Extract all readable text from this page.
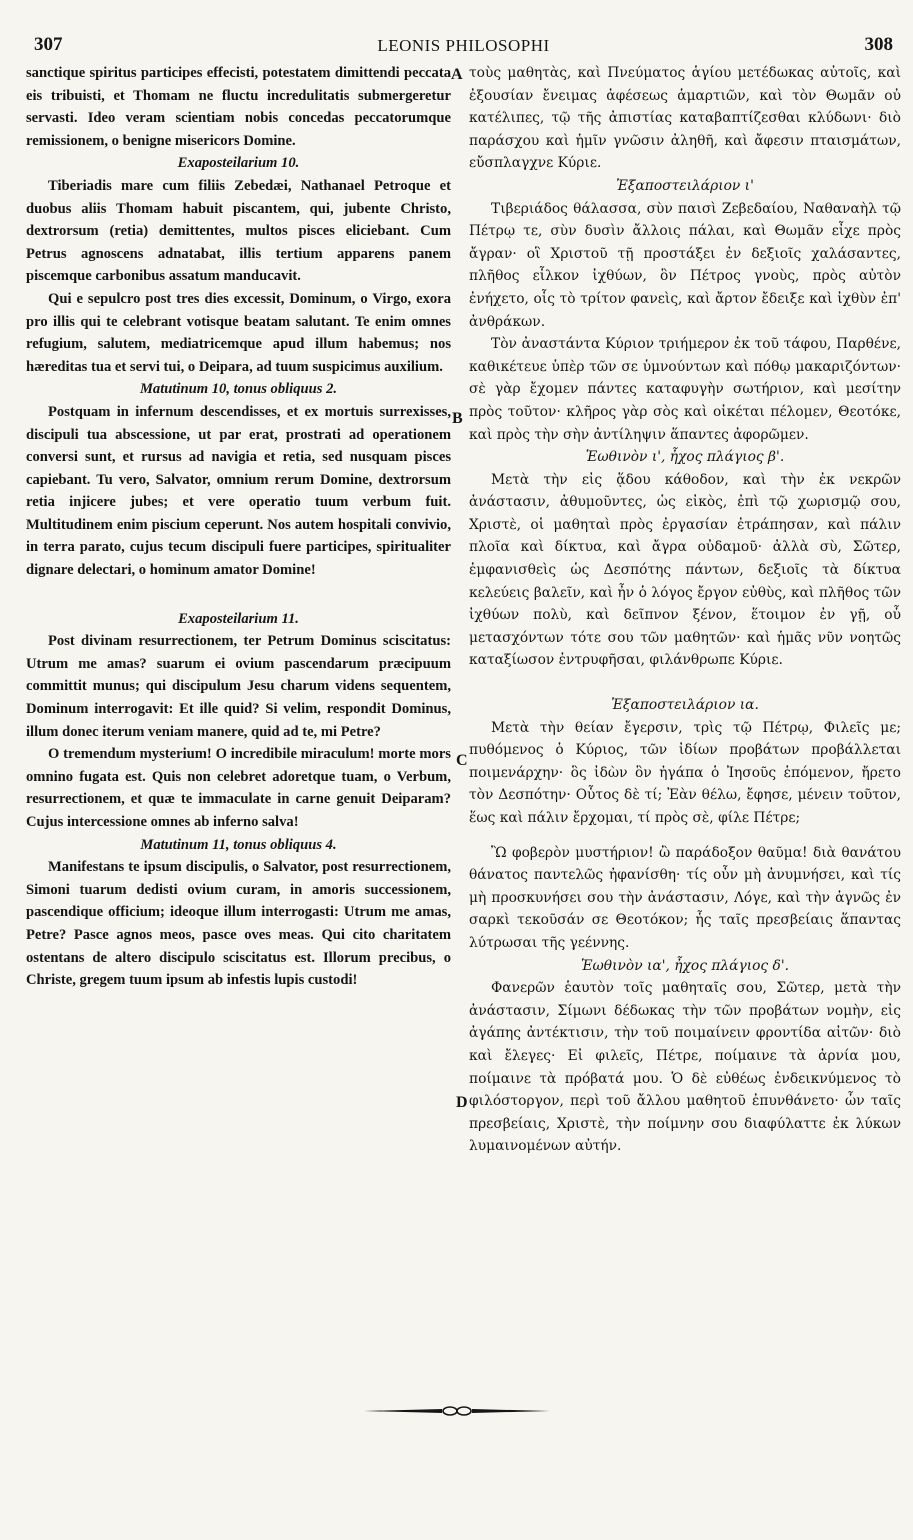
307	LEONIS PHILOSOPHI	308

sanctique spiritus participes effecisti, potestatem dimittendi peccata eis tribuisti, et Thomam ne fluctu incredulitatis submergeretur servasti. Ideo veram scientiam nobis concedas peccatorumque remissionem, o benigne misericors Domine.

Exaposteilarium 10.

Tiberiadis mare cum filiis Zebedæi, Nathanael Petroque et duobus aliis Thomam habuit piscantem, qui, jubente Christo, dextrorsum (retia) demittentes, multos pisces eliciebant. Cum Petrus agnoscens adnatabat, illis tertium apparens panem piscemque carbonibus assatum manducavit.

Qui e sepulcro post tres dies excessit, Dominum, o Virgo, exora pro illis qui te celebrant votisque beatam salutant. Te enim omnes refugium, salutem, mediatricemque apud illum habemus; nos hæreditas tua et servi tui, o Deipara, ad tuum suspicimus auxilium.

Matutinum 10, tonus obliquus 2.

Postquam in infernum descendisses, et ex mortuis surrexisses, discipuli tua abscessione, ut par erat, prostrati ad operationem conversi sunt, et rursus ad navigia et retia, sed nusquam pisces capiebant. Tu vero, Salvator, omnium rerum Domine, dextrorsum retia injicere jubes; et vere operatio tuum verbum fuit. Multitudinem enim piscium ceperunt. Nos autem hospitali convivio, in terra parato, cujus tecum discipuli fuere participes, spiritualiter dignare delectari, o hominum amator Domine!

Exaposteilarium 11.

Post divinam resurrectionem, ter Petrum Dominus sciscitatus: Utrum me amas? suarum ei ovium pascendarum præcipuum committit munus; qui discipulum Jesu charum videns sequentem, Dominum interrogavit: Et ille quid? Si velim, respondit Dominus, illum donec iterum veniam manere, quid ad te, mi Petre?

O tremendum mysterium! O incredibile miraculum! morte mors omnino fugata est. Quis non celebret adoretque tuam, o Verbum, resurrectionem, et quæ te immaculate in carne genuit Deiparam? Cujus intercessione omnes ab inferno salva!

Matutinum 11, tonus obliquus 4.

Manifestans te ipsum discipulis, o Salvator, post resurrectionem, Simoni tuarum dedisti ovium curam, in amoris successionem, pascendique officium; ideoque illum interrogasti: Utrum me amas, Petre? Pasce agnos meos, pasce oves meas. Qui cito charitatem ostentans de altero discipulo sciscitatus est. Illorum precibus, o Christe, gregem tuum ipsum ab infestis lupis custodi!

τοὺς μαθητὰς, καὶ Πνεύματος ἁγίου μετέδωκας αὐτοῖς, καὶ ἐξουσίαν ἔνειμας ἀφέσεως ἁμαρτιῶν, καὶ τὸν Θωμᾶν οὐ κατέλιπες, τῷ τῆς ἀπιστίας καταβαπτίζεσθαι κλύδωνι· διὸ παράσχου καὶ ἡμῖν γνῶσιν ἀληθῆ, καὶ ἄφεσιν πταισμάτων, εὔσπλαγχνε Κύριε.

Ἐξαποστειλάριον ι'

Τιβεριάδος θάλασσα, σὺν παισὶ Ζεβεδαίου, Ναθαναὴλ τῷ Πέτρῳ τε, σὺν δυσὶν ἄλλοις πάλαι, καὶ Θωμᾶν εἶχε πρὸς ἄγραν· οἳ Χριστοῦ τῇ προστάξει ἐν δεξιοῖς χαλάσαντες, πλῆθος εἷλκον ἰχθύων, ὃν Πέτρος γνοὺς, πρὸς αὐτὸν ἐνήχετο, οἷς τὸ τρίτον φανεὶς, καὶ ἄρτον ἔδειξε καὶ ἰχθὺν ἐπ' ἀνθράκων.

Τὸν ἀναστάντα Κύριον τριήμερον ἐκ τοῦ τάφου, Παρθένε, καθικέτευε ὑπὲρ τῶν σε ὑμνούντων καὶ πόθῳ μακαριζόντων· σὲ γὰρ ἔχομεν πάντες καταφυγὴν σωτήριον, καὶ μεσίτην πρὸς τοῦτον· κλῆρος γὰρ σὸς καὶ οἰκέται πέλομεν, Θεοτόκε, καὶ πρὸς τὴν σὴν ἀντίληψιν ἅπαντες ἀφορῶμεν.

Ἑωθινὸν ι', ἦχος πλάγιος β'.

Μετὰ τὴν εἰς ᾅδου κάθοδον, καὶ τὴν ἐκ νεκρῶν ἀνάστασιν, ἀθυμοῦντες, ὡς εἰκὸς, ἐπὶ τῷ χωρισμῷ σου, Χριστὲ, οἱ μαθηταὶ πρὸς ἐργασίαν ἐτράπησαν, καὶ πάλιν πλοῖα καὶ δίκτυα, καὶ ἄγρα οὐδαμοῦ· ἀλλὰ σὺ, Σῶτερ, ἐμφανισθεὶς ὡς Δεσπότης πάντων, δεξιοῖς τὰ δίκτυα κελεύεις βαλεῖν, καὶ ἦν ὁ λόγος ἔργον εὐθὺς, καὶ πλῆθος τῶν ἰχθύων πολὺ, καὶ δεῖπνον ξένον, ἕτοιμον ἐν γῇ, οὗ μετασχόντων τότε σου τῶν μαθητῶν· καὶ ἡμᾶς νῦν νοητῶς καταξίωσον ἐντρυφῆσαι, φιλάνθρωπε Κύριε.

Ἐξαποστειλάριον ια.

Μετὰ τὴν θείαν ἔγερσιν, τρὶς τῷ Πέτρῳ, Φιλεῖς με; πυθόμενος ὁ Κύριος, τῶν ἰδίων προβάτων προβάλλεται ποιμενάρχην· ὃς ἰδὼν ὃν ἠγάπα ὁ Ἰησοῦς ἑπόμενον, ἤρετο τὸν Δεσπότην· Οὗτος δὲ τί; Ἐὰν θέλω, ἔφησε, μένειν τοῦτον, ἕως καὶ πάλιν ἔρχομαι, τί πρὸς σὲ, φίλε Πέτρε;

Ὢ φοβερὸν μυστήριον! ὢ παράδοξον θαῦμα! διὰ θανάτου θάνατος παντελῶς ἠφανίσθη· τίς οὖν μὴ ἀνυμνήσει, καὶ τίς μὴ προσκυνήσει σου τὴν ἀνάστασιν, Λόγε, καὶ τὴν ἁγνῶς ἐν σαρκὶ τεκοῦσάν σε Θεοτόκον; ἧς ταῖς πρεσβείαις ἅπαντας λύτρωσαι τῆς γεέννης.

Ἑωθινὸν ια', ἦχος πλάγιος δ'.

Φανερῶν ἑαυτὸν τοῖς μαθηταῖς σου, Σῶτερ, μετὰ τὴν ἀνάστασιν, Σίμωνι δέδωκας τὴν τῶν προβάτων νομὴν, εἰς ἀγάπης ἀντέκτισιν, τὴν τοῦ ποιμαίνειν φροντίδα αἰτῶν· διὸ καὶ ἔλεγες· Εἰ φιλεῖς, Πέτρε, ποίμαινε τὰ ἀρνία μου, ποίμαινε τὰ πρόβατά μου. Ὁ δὲ εὐθέως ἐνδεικνύμενος τὸ φιλόστοργον, περὶ τοῦ ἄλλου μαθητοῦ ἐπυνθάνετο· ὧν ταῖς πρεσβείαις, Χριστὲ, τὴν ποίμνην σου διαφύλαττε ἐκ λύκων λυμαινομένων αὐτήν.

A
B
C
D
